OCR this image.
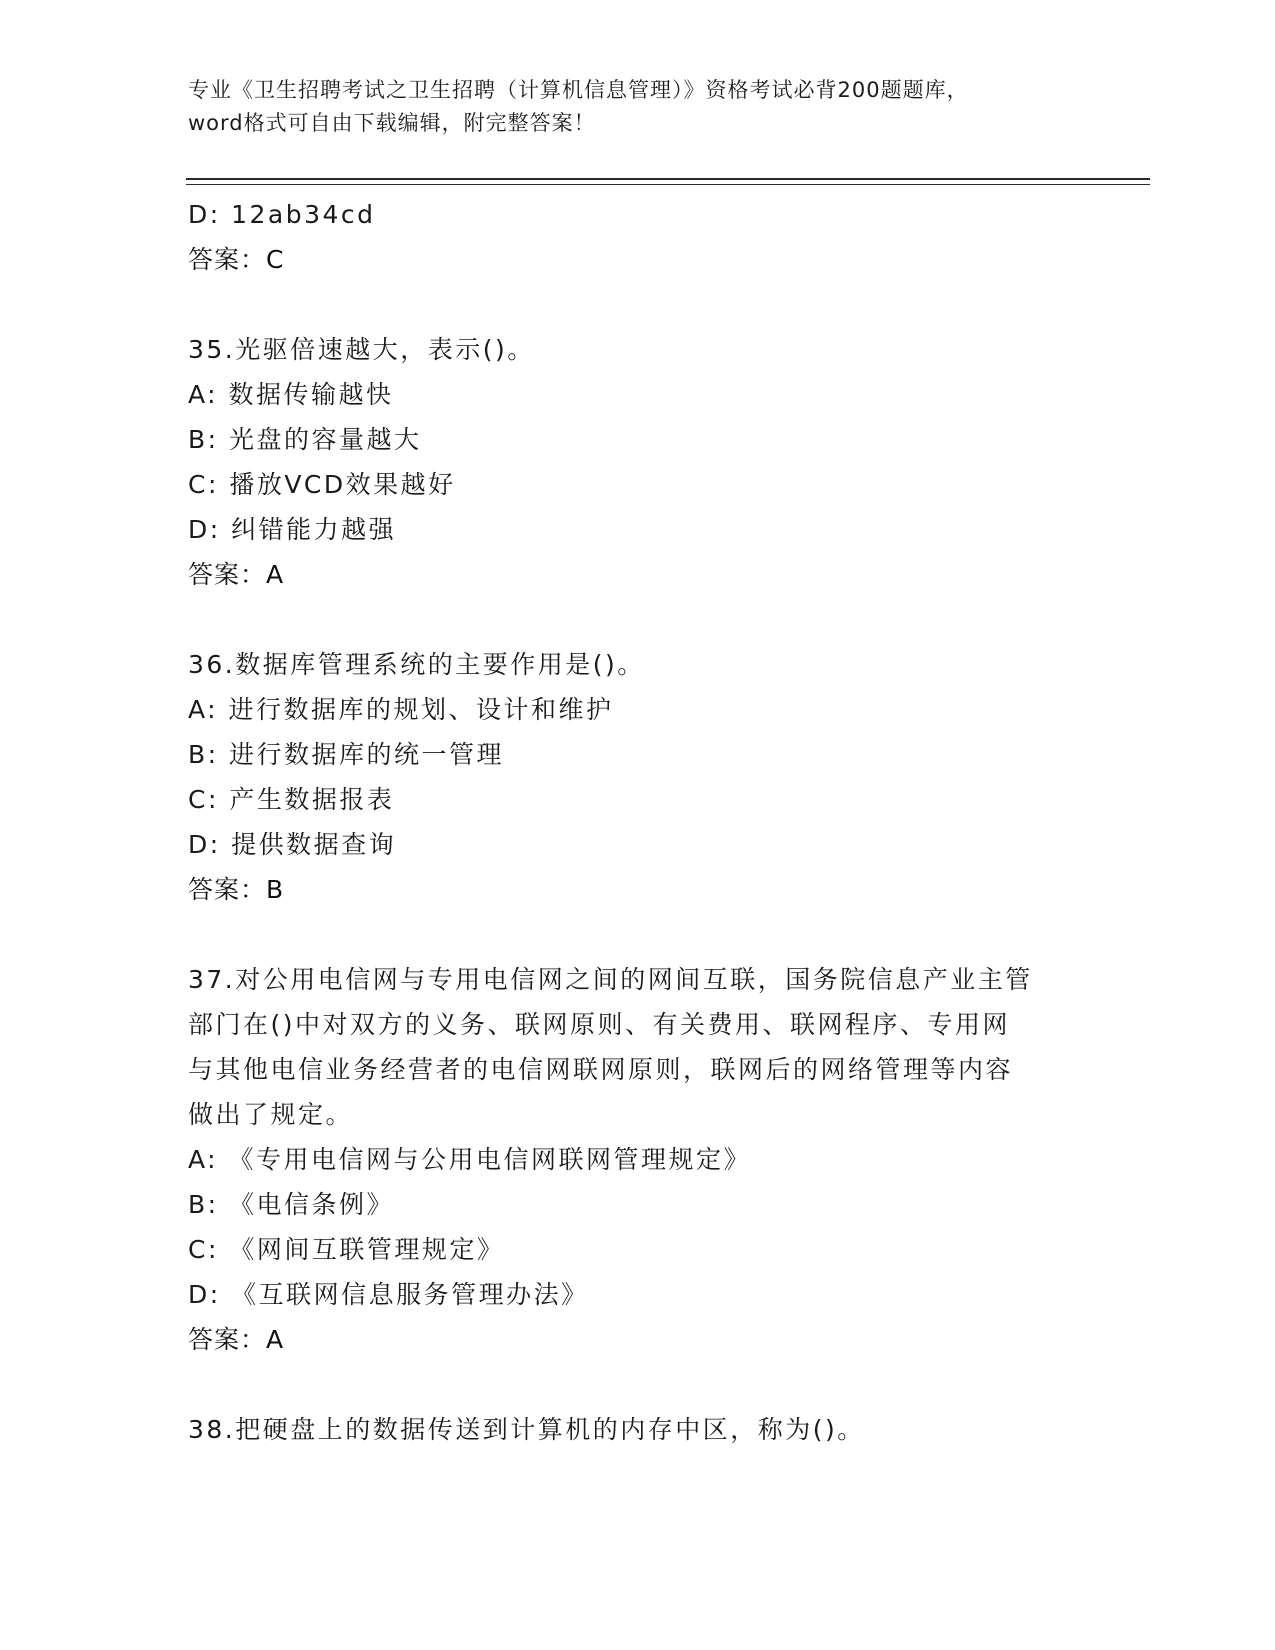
专业《卫生招聘考试之卫生招聘（计算机信息管理）》资格考试必背200题题库，
word格式可自由下载编辑，附完整答案！
D: 12ab34cd
答案：C
35.光驱倍速越大，表示()。
A: 数据传输越快
B: 光盘的容量越大
C: 播放VCD效果越好
D: 纠错能力越强
答案：A
36.数据库管理系统的主要作用是()。
A: 进行数据库的规划、设计和维护
B: 进行数据库的统一管理
C: 产生数据报表
D: 提供数据查询
答案：B
37.对公用电信网与专用电信网之间的网间互联，国务院信息产业主管
部门在()中对双方的义务、联网原则、有关费用、联网程序、专用网
与其他电信业务经营者的电信网联网原则，联网后的网络管理等内容
做出了规定。
A: 《专用电信网与公用电信网联网管理规定》
B: 《电信条例》
C: 《网间互联管理规定》
D: 《互联网信息服务管理办法》
答案：A
38.把硬盘上的数据传送到计算机的内存中区，称为()。
